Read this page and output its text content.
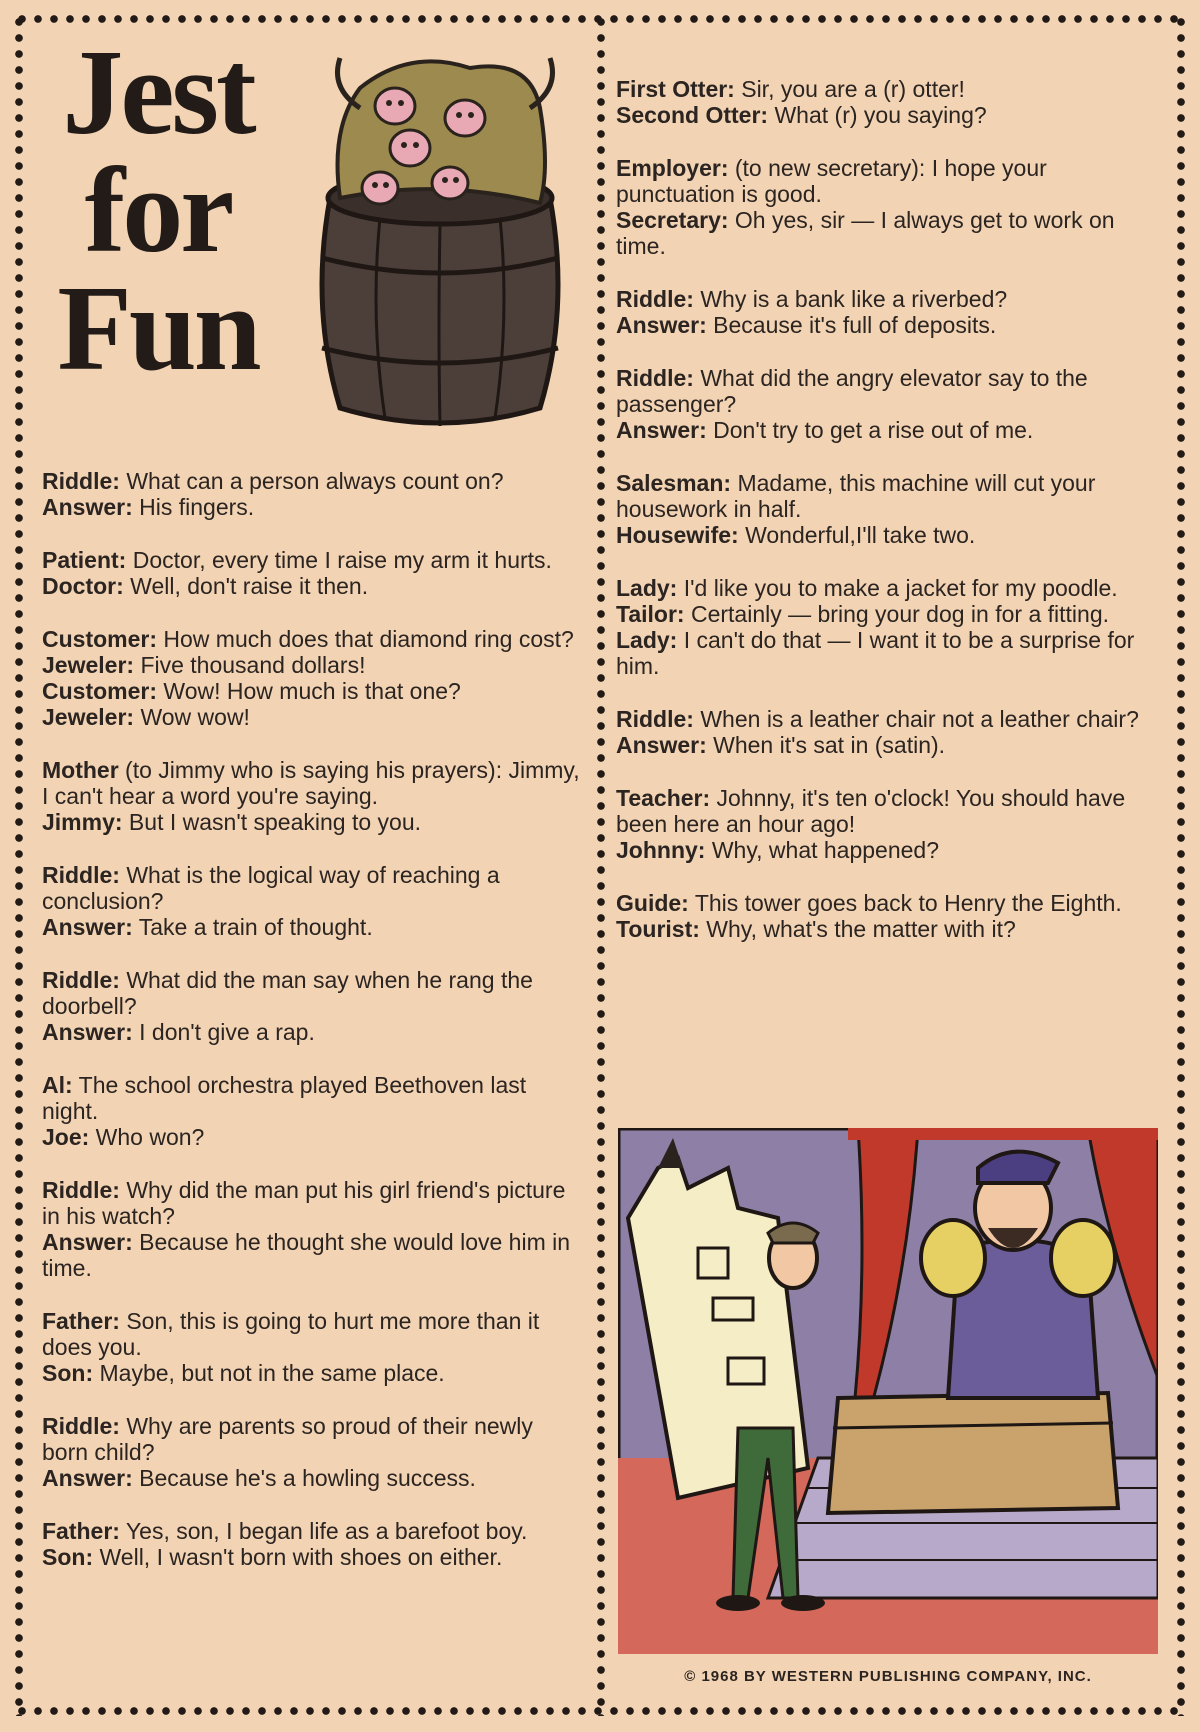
Jest
for
Fun

Riddle: What can a person always count on?

Answer: His fingers.

Patient: Doctor, every time I raise my arm it hurts.

Doctor: Well, don't raise it then.

Customer: How much does that diamond ring cost?

Jeweler: Five thousand dollars!

Customer: Wow! How much is that one?

Jeweler: Wow wow!

Mother (to Jimmy who is saying his prayers): Jimmy, I can't hear a word you're saying.

Jimmy: But I wasn't speaking to you.

Riddle: What is the logical way of reaching a conclusion?

Answer: Take a train of thought.

Riddle: What did the man say when he rang the doorbell?

Answer: I don't give a rap.

Al: The school orchestra played Beethoven last night.

Joe: Who won?

Riddle: Why did the man put his girl friend's picture in his watch?

Answer: Because he thought she would love him in time.

Father: Son, this is going to hurt me more than it does you.

Son: Maybe, but not in the same place.

Riddle: Why are parents so proud of their newly born child?

Answer: Because he's a howling success.

Father: Yes, son, I began life as a barefoot boy.

Son: Well, I wasn't born with shoes on either.

First Otter: Sir, you are a (r) otter!

Second Otter: What (r) you saying?

Employer: (to new secretary): I hope your punctuation is good.

Secretary: Oh yes, sir — I always get to work on time.

Riddle: Why is a bank like a riverbed?

Answer: Because it's full of deposits.

Riddle: What did the angry elevator say to the passenger?

Answer: Don't try to get a rise out of me.

Salesman: Madame, this machine will cut your housework in half.

Housewife: Wonderful,I'll take two.

Lady: I'd like you to make a jacket for my poodle.

Tailor: Certainly — bring your dog in for a fitting.

Lady: I can't do that — I want it to be a surprise for him.

Riddle: When is a leather chair not a leather chair?

Answer: When it's sat in (satin).

Teacher: Johnny, it's ten o'clock! You should have been here an hour ago!

Johnny: Why, what happened?

Guide: This tower goes back to Henry the Eighth.

Tourist: Why, what's the matter with it?

© 1968 BY WESTERN PUBLISHING COMPANY, INC.
